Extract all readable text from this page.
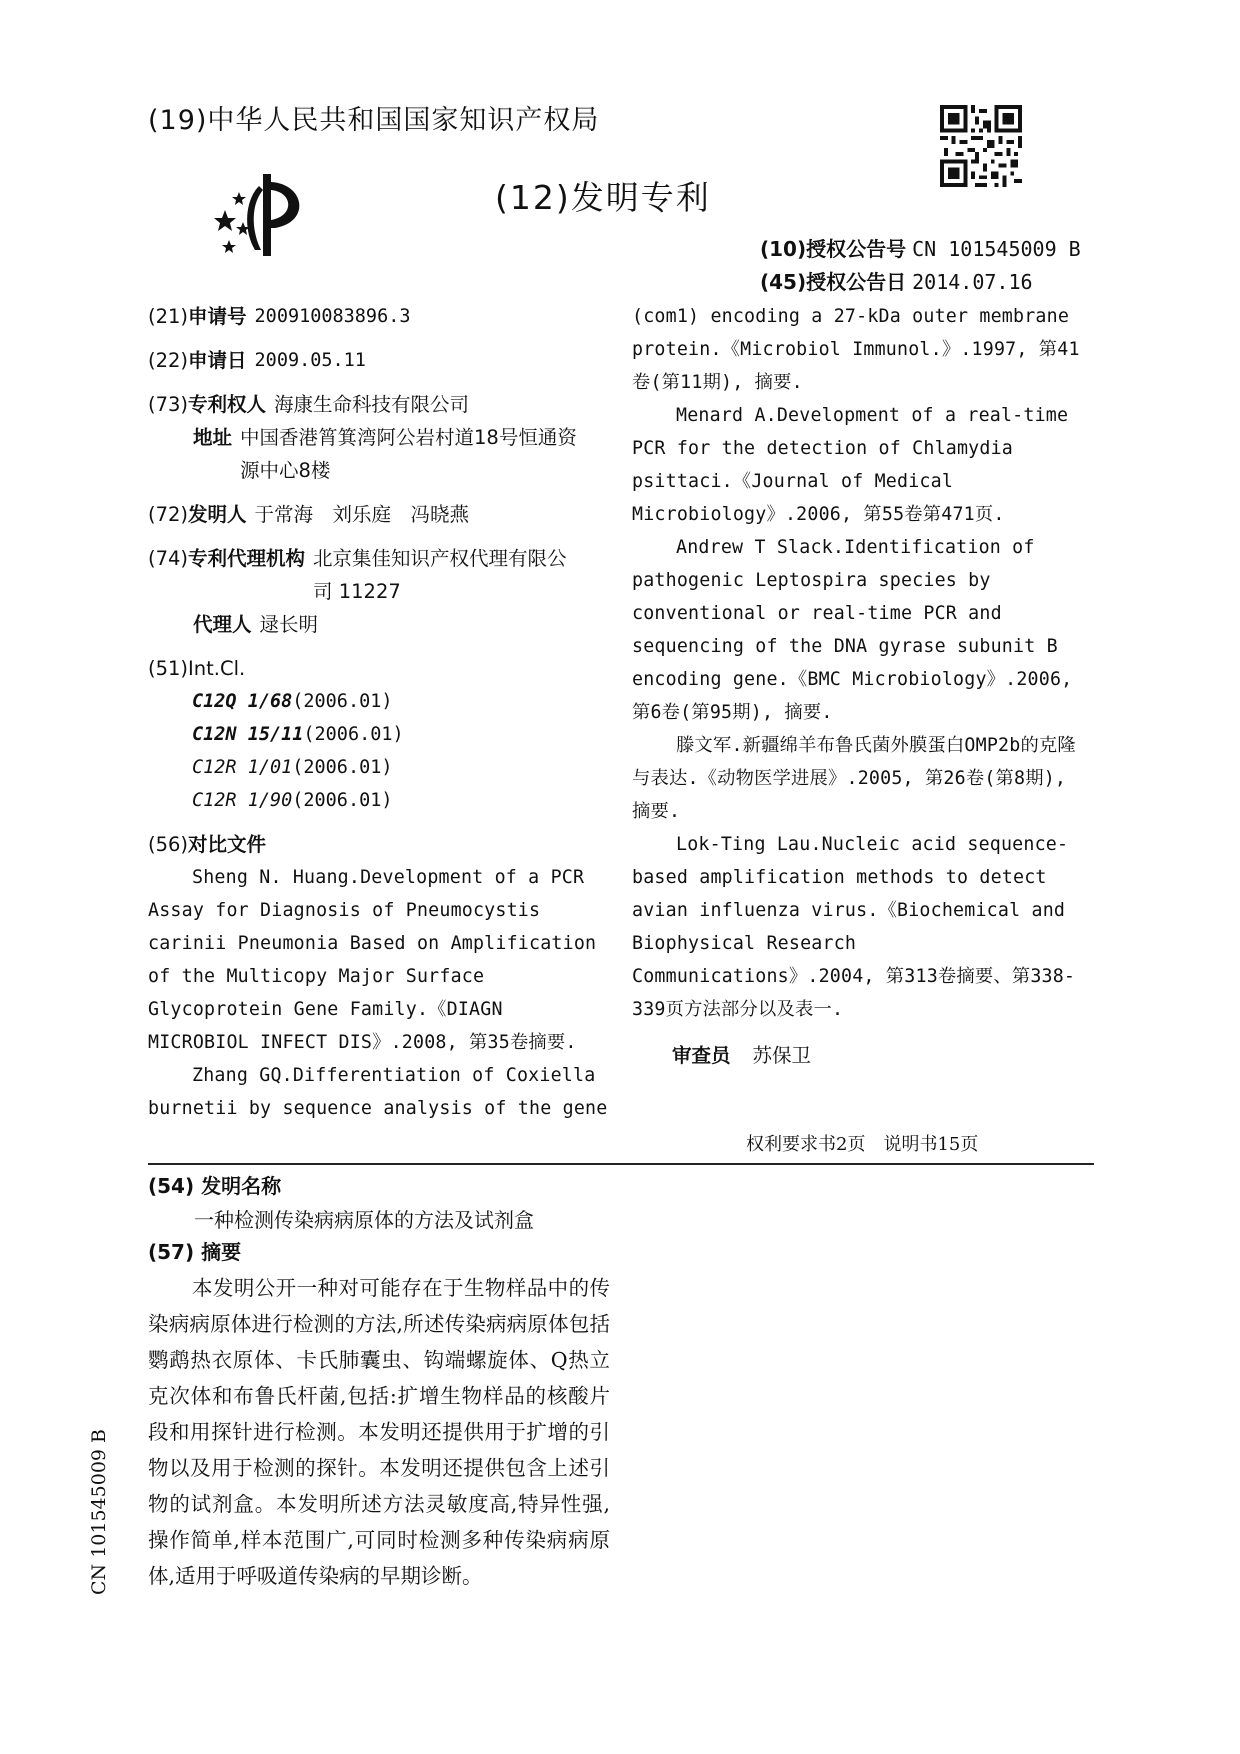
(19)中华人民共和国国家知识产权局
(12)发明专利
(10)授权公告号 CN 101545009 B
(45)授权公告日 2014.07.16
(21) 申请号 200910083896.3
(22) 申请日 2009.05.11
(73) 专利权人 海康生命科技有限公司
地址 中国香港筲箕湾阿公岩村道18号恒通资源中心8楼
(72) 发明人 于常海　刘乐庭　冯晓燕
(74) 专利代理机构 北京集佳知识产权代理有限公司 11227
代理人 逯长明
(51)Int.Cl.
C12Q 1/68(2006.01)
C12N 15/11(2006.01)
C12R 1/01(2006.01)
C12R 1/90(2006.01)
(56) 对比文件

Sheng N. Huang.Development of a PCR Assay for Diagnosis of Pneumocystis carinii Pneumonia Based on Amplification of the Multicopy Major Surface Glycoprotein Gene Family.《DIAGN MICROBIOL INFECT DIS》.2008, 第35卷摘要.

Zhang GQ.Differentiation of Coxiella burnetii by sequence analysis of the gene

(com1) encoding a 27-kDa outer membrane protein.《Microbiol Immunol.》.1997, 第41卷(第11期), 摘要.

Menard A.Development of a real-time PCR for the detection of Chlamydia psittaci.《Journal of Medical Microbiology》.2006, 第55卷第471页.

Andrew T Slack.Identification of pathogenic Leptospira species by conventional or real-time PCR and sequencing of the DNA gyrase subunit B encoding gene.《BMC Microbiology》.2006, 第6卷(第95期), 摘要.

滕文军.新疆绵羊布鲁氏菌外膜蛋白OMP2b的克隆与表达.《动物医学进展》.2005, 第26卷(第8期), 摘要.

Lok-Ting Lau.Nucleic acid sequence-based amplification methods to detect avian influenza virus.《Biochemical and Biophysical Research Communications》.2004, 第313卷摘要、第338-339页方法部分以及表一.

审查员 苏保卫
权利要求书2页　说明书15页
(54) 发明名称
一种检测传染病病原体的方法及试剂盒
(57) 摘要

本发明公开一种对可能存在于生物样品中的传染病病原体进行检测的方法,所述传染病病原体包括鹦鹉热衣原体、卡氏肺囊虫、钩端螺旋体、Q热立克次体和布鲁氏杆菌,包括:扩增生物样品的核酸片段和用探针进行检测。本发明还提供用于扩增的引物以及用于检测的探针。本发明还提供包含上述引物的试剂盒。本发明所述方法灵敏度高,特异性强,操作简单,样本范围广,可同时检测多种传染病病原体,适用于呼吸道传染病的早期诊断。

CN 101545009 B
